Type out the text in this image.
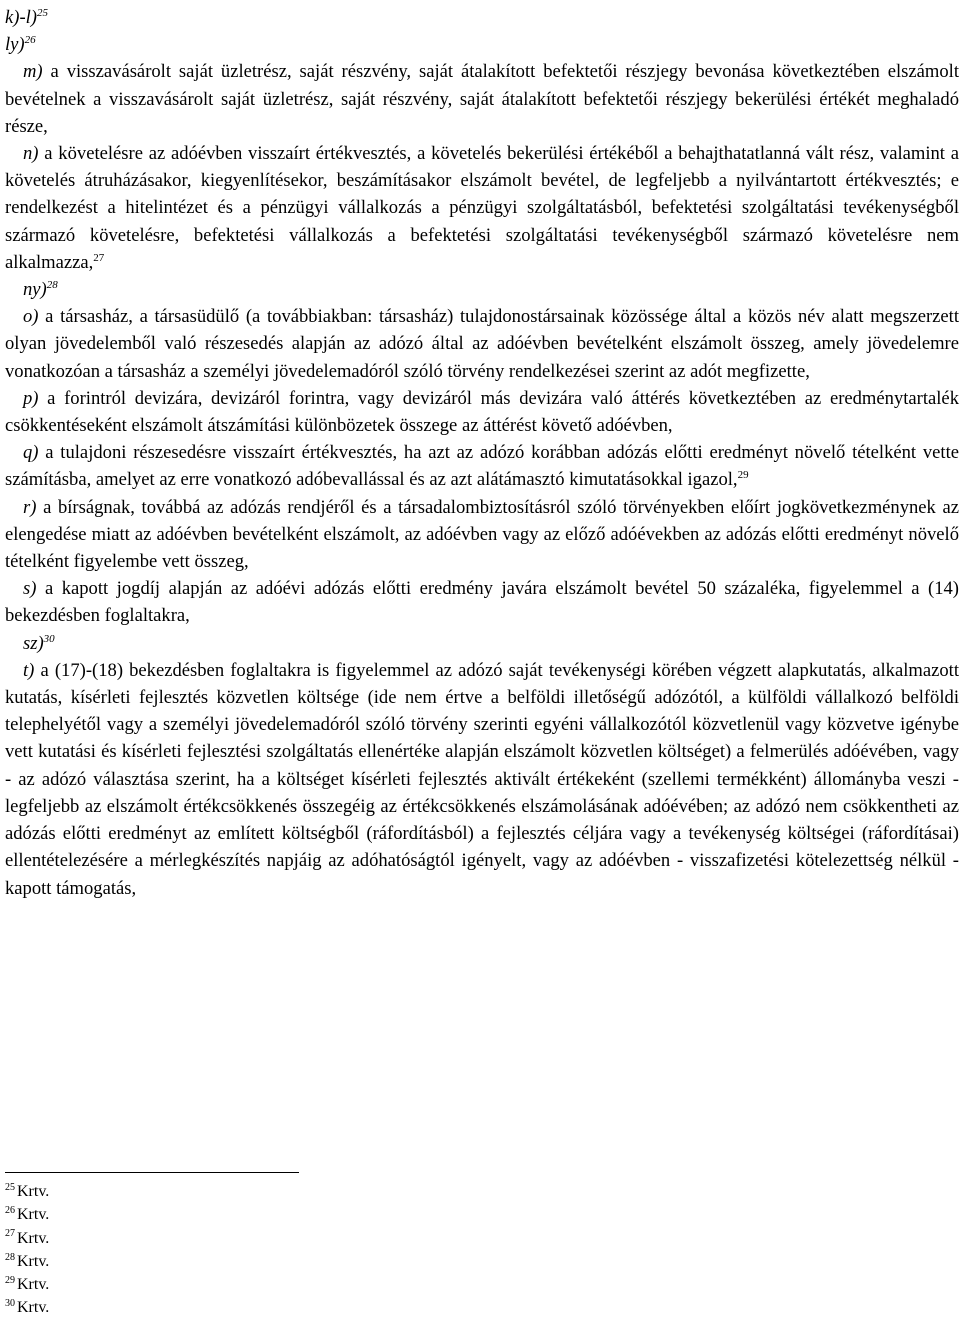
k)-l)$^{25}$

ly)$^{26}$

m) a visszavásárolt saját üzletrész, saját részvény, saját átalakított befektetői részjegy bevonása következtében elszámolt bevételnek a visszavásárolt saját üzletrész, saját részvény, saját átalakított befektetői részjegy bekerülési értékét meghaladó része,

n) a követelésre az adóévben visszaírt értékvesztés, a követelés bekerülési értékéből a behajthatatlanná vált rész, valamint a követelés átruházásakor, kiegyenlítésekor, beszámításakor elszámolt bevétel, de legfeljebb a nyilvántartott értékvesztés; e rendelkezést a hitelintézet és a pénzügyi vállalkozás a pénzügyi szolgáltatásból, befektetési szolgáltatási tevékenységből származó követelésre, befektetési vállalkozás a befektetési szolgáltatási tevékenységből származó követelésre nem alkalmazza,$^{27}$

ny)$^{28}$

o) a társasház, a társasüdülő (a továbbiakban: társasház) tulajdonostársainak közössége által a közös név alatt megszerzett olyan jövedelemből való részesedés alapján az adózó által az adóévben bevételként elszámolt összeg, amely jövedelemre vonatkozóan a társasház a személyi jövedelemadóról szóló törvény rendelkezései szerint az adót megfizette,

p) a forintról devizára, devizáról forintra, vagy devizáról más devizára való áttérés következtében az eredménytartalék csökkentéseként elszámolt átszámítási különbözetek összege az áttérést követő adóévben,

q) a tulajdoni részesedésre visszaírt értékvesztés, ha azt az adózó korábban adózás előtti eredményt növelő tételként vette számításba, amelyet az erre vonatkozó adóbevallással és az azt alátámasztó kimutatásokkal igazol,$^{29}$

r) a bírságnak, továbbá az adózás rendjéről és a társadalombiztosításról szóló törvényekben előírt jogkövetkezménynek az elengedése miatt az adóévben bevételként elszámolt, az adóévben vagy az előző adóévekben az adózás előtti eredményt növelő tételként figyelembe vett összeg,

s) a kapott jogdíj alapján az adóévi adózás előtti eredmény javára elszámolt bevétel 50 százaléka, figyelemmel a (14) bekezdésben foglaltakra,

sz)$^{30}$

t) a (17)-(18) bekezdésben foglaltakra is figyelemmel az adózó saját tevékenységi körében végzett alapkutatás, alkalmazott kutatás, kísérleti fejlesztés közvetlen költsége (ide nem értve a belföldi illetőségű adózótól, a külföldi vállalkozó belföldi telephelyétől vagy a személyi jövedelemadóról szóló törvény szerinti egyéni vállalkozótól közvetlenül vagy közvetve igénybe vett kutatási és kísérleti fejlesztési szolgáltatás ellenértéke alapján elszámolt közvetlen költséget) a felmerülés adóévében, vagy - az adózó választása szerint, ha a költséget kísérleti fejlesztés aktivált értékeként (szellemi termékként) állományba veszi - legfeljebb az elszámolt értékcsökkenés összegéig az értékcsökkenés elszámolásának adóévében; az adózó nem csökkentheti az adózás előtti eredményt az említett költségből (ráfordításból) a fejlesztés céljára vagy a tevékenység költségei (ráfordításai) ellentételezésére a mérlegkészítés napjáig az adóhatóságtól igényelt, vagy az adóévben - visszafizetési kötelezettség nélkül - kapott támogatás,

$^{25}$ Krtv.

$^{26}$ Krtv.

$^{27}$ Krtv.

$^{28}$ Krtv.

$^{29}$ Krtv.

$^{30}$ Krtv.
